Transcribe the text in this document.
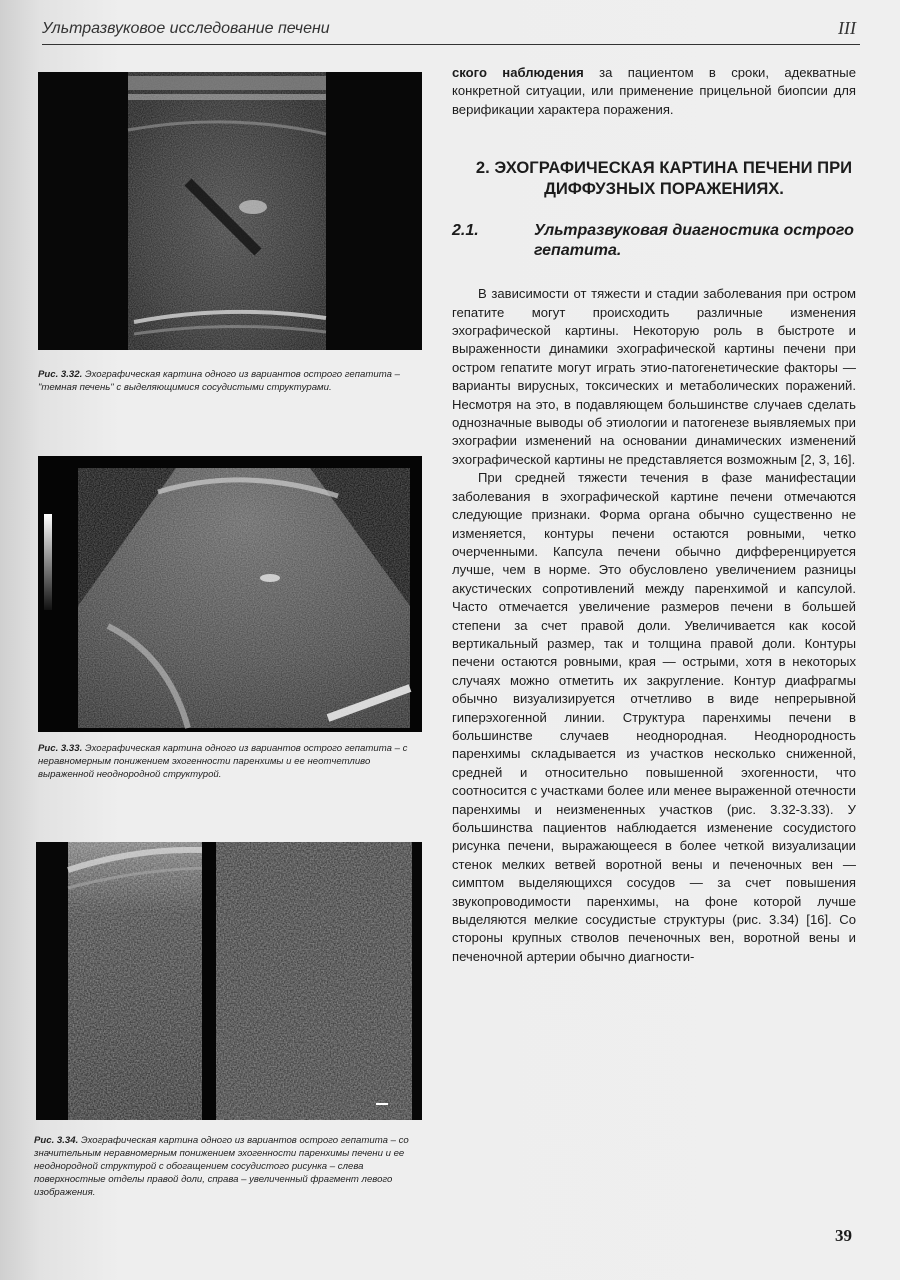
Ультразвуковое исследование печени	III
Рис. 3.32. Эхографическая картина одного из вариантов острого гепатита – "темная печень" с выделяющимися сосудистыми структурами.
Рис. 3.33. Эхографическая картина одного из вариантов острого гепатита – с неравномерным понижением эхогенности паренхимы и ее неотчетливо выраженной неоднородной структурой.
Рис. 3.34. Эхографическая картина одного из вариантов острого гепатита – со значительным неравномерным понижением эхогенности паренхимы печени и ее неоднородной структурой с обогащением сосудистого рисунка – слева поверхностные отделы правой доли, справа – увеличенный фрагмент левого изображения.

ского наблюдения за пациентом в сроки, адекватные конкретной ситуации, или применение прицельной биопсии для верификации характера поражения.

2. ЭХОГРАФИЧЕСКАЯ КАРТИНА ПЕЧЕНИ ПРИ ДИФФУЗНЫХ ПОРАЖЕНИЯХ.
2.1.	Ультразвуковая диагностика острого гепатита.

В зависимости от тяжести и стадии заболевания при остром гепатите могут происходить различные изменения эхографической картины. Некоторую роль в быстроте и выраженности динамики эхографической картины печени при остром гепатите могут играть этио-патогенетические факторы — варианты вирусных, токсических и метаболических поражений. Несмотря на это, в подавляющем большинстве случаев сделать однозначные выводы об этиологии и патогенезе выявляемых при эхографии изменений на основании динамических изменений эхографической картины не представляется возможным [2, 3, 16].

При средней тяжести течения в фазе манифестации заболевания в эхографической картине печени отмечаются следующие признаки. Форма органа обычно существенно не изменяется, контуры печени остаются ровными, четко очерченными. Капсула печени обычно дифференцируется лучше, чем в норме. Это обусловлено увеличением разницы акустических сопротивлений между паренхимой и капсулой. Часто отмечается увеличение размеров печени в большей степени за счет правой доли. Увеличивается как косой вертикальный размер, так и толщина правой доли. Контуры печени остаются ровными, края — острыми, хотя в некоторых случаях можно отметить их закругление. Контур диафрагмы обычно визуализируется отчетливо в виде непрерывной гиперэхогенной линии. Структура паренхимы печени в большинстве случаев неоднородная. Неоднородность паренхимы складывается из участков несколько сниженной, средней и относительно повышенной эхогенности, что соотносится с участками более или менее выраженной отечности паренхимы и неизмененных участков (рис. 3.32-3.33). У большинства пациентов наблюдается изменение сосудистого рисунка печени, выражающееся в более четкой визуализации стенок мелких ветвей воротной вены и печеночных вен — симптом выделяющихся сосудов — за счет повышения звукопроводимости паренхимы, на фоне которой лучше выделяются мелкие сосудистые структуры (рис. 3.34) [16]. Со стороны крупных стволов печеночных вен, воротной вены и печеночной артерии обычно диагности-

39
